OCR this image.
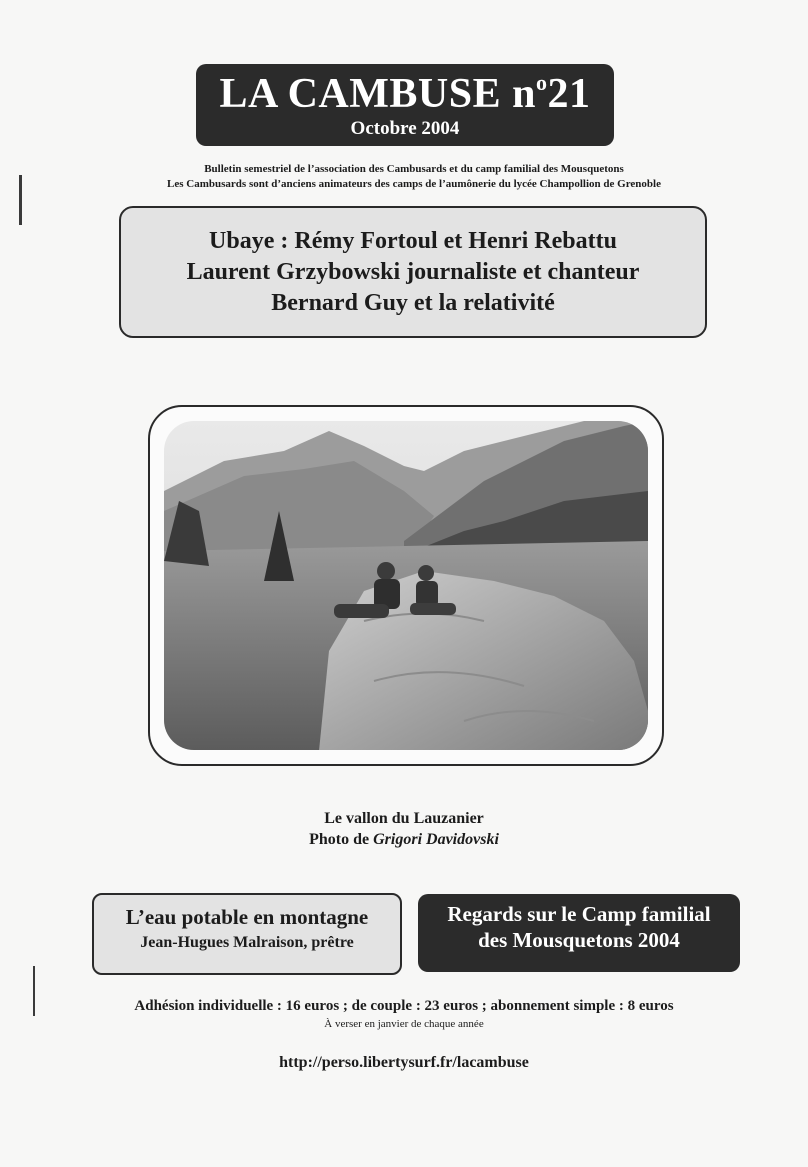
LA CAMBUSE $n^o21$
Octobre 2004
Bulletin semestriel de l’association des Cambusards et du camp familial des Mousquetons
Les Cambusards sont d’anciens animateurs des camps de l’aumônerie du lycée Champollion de Grenoble
Ubaye : Rémy Fortoul et Henri Rebattu
Laurent Grzybowski journaliste et chanteur
Bernard Guy et la relativité
Le vallon du Lauzanier
Photo de Grigori Davidovski
L’eau potable en montagne
Jean-Hugues Malraison, prêtre
Regards sur le Camp familial
des Mousquetons 2004
Adhésion individuelle : 16 euros ; de couple : 23 euros ; abonnement simple : 8 euros
À verser en janvier de chaque année
http://perso.libertysurf.fr/lacambuse
